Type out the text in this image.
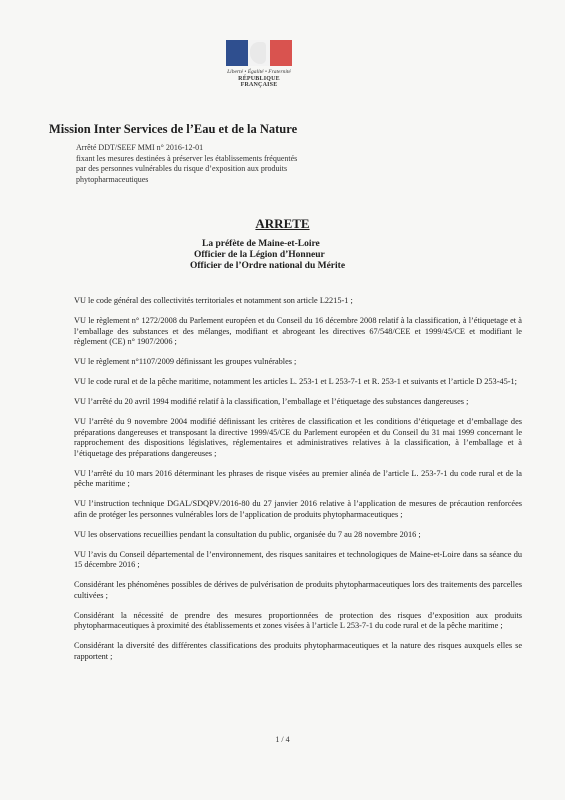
Liberté • Égalité • Fraternité
RÉPUBLIQUE FRANÇAISE
Mission Inter Services de l’Eau et de la Nature
Arrêté DDT/SEEF MMI n° 2016-12-01
fixant les mesures destinées à préserver les établissements fréquentés
par des personnes vulnérables du risque d’exposition aux produits
phytopharmaceutiques
ARRETE
La préfète de Maine-et-Loire
Officier de la Légion d’Honneur
Officier de l’Ordre national du Mérite

VU le code général des collectivités territoriales et notamment son article L2215-1 ;

VU le règlement n° 1272/2008 du Parlement européen et du Conseil du 16 décembre 2008 relatif à la classification, à l’étiquetage et à l’emballage des substances et des mélanges, modifiant et abrogeant les directives 67/548/CEE et 1999/45/CE et modifiant le règlement (CE) n° 1907/2006 ;

VU le règlement n°1107/2009 définissant les groupes vulnérables ;

VU le code rural et de la pêche maritime, notamment les articles L. 253-1 et L 253-7-1 et R. 253-1 et suivants et l’article D 253-45-1;

VU l’arrêté du 20 avril 1994 modifié relatif à la classification, l’emballage et l’étiquetage des substances dangereuses ;

VU l’arrêté du 9 novembre 2004 modifié définissant les critères de classification et les conditions d’étiquetage et d’emballage des préparations dangereuses et transposant la directive 1999/45/CE du Parlement européen et du Conseil du 31 mai 1999 concernant le rapprochement des dispositions législatives, réglementaires et administratives relatives à la classification, à l’emballage et à l’étiquetage des préparations dangereuses ;

VU l’arrêté du 10 mars 2016 déterminant les phrases de risque visées au premier alinéa de l’article L. 253-7-1 du code rural et de la pêche maritime ;

VU l’instruction technique DGAL/SDQPV/2016-80 du 27 janvier 2016 relative à l’application de mesures de précaution renforcées afin de protéger les personnes vulnérables lors de l’application de produits phytopharmaceutiques ;

VU les observations recueillies pendant la consultation du public, organisée du 7 au 28 novembre 2016 ;

VU l’avis du Conseil départemental de l’environnement, des risques sanitaires et technologiques de Maine-et-Loire dans sa séance du 15 décembre 2016 ;

Considérant les phénomènes possibles de dérives de pulvérisation de produits phytopharmaceutiques lors des traitements des parcelles cultivées ;

Considérant la nécessité de prendre des mesures proportionnées de protection des risques d’exposition aux produits phytopharmaceutiques à proximité des établissements et zones visées à l’article L 253-7-1 du code rural et de la pêche maritime ;

Considérant la diversité des différentes classifications des produits phytopharmaceutiques et la nature des risques auxquels elles se rapportent ;

1 / 4
